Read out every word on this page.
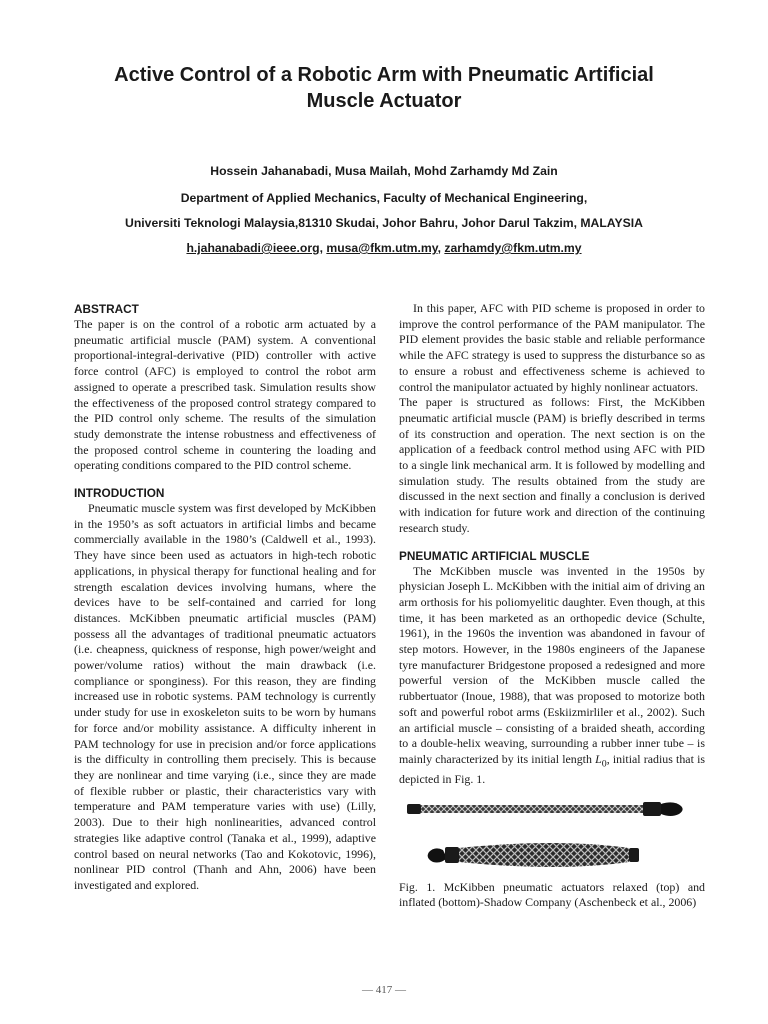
Active Control of a Robotic Arm with Pneumatic Artificial
Muscle Actuator
Hossein Jahanabadi, Musa Mailah, Mohd Zarhamdy Md Zain
Department of Applied Mechanics, Faculty of Mechanical Engineering,
Universiti Teknologi Malaysia,81310 Skudai, Johor Bahru, Johor Darul Takzim, MALAYSIA
h.jahanabadi@ieee.org, musa@fkm.utm.my, zarhamdy@fkm.utm.my
ABSTRACT

The paper is on the control of a robotic arm actuated by a pneumatic artificial muscle (PAM) system. A conventional proportional-integral-derivative (PID) controller with active force control (AFC) is employed to control the robot arm assigned to operate a prescribed task. Simulation results show the effectiveness of the proposed control strategy compared to the PID control only scheme. The results of the simulation study demonstrate the intense robustness and effectiveness of the proposed control scheme in countering the loading and operating conditions compared to the PID control scheme.

INTRODUCTION

Pneumatic muscle system was first developed by McKibben in the 1950’s as soft actuators in artificial limbs and became commercially available in the 1980’s (Caldwell et al., 1993). They have since been used as actuators in high-tech robotic applications, in physical therapy for functional healing and for strength escalation devices involving humans, where the devices have to be self-contained and carried for long distances. McKibben pneumatic artificial muscles (PAM) possess all the advantages of traditional pneumatic actuators (i.e. cheapness, quickness of response, high power/weight and power/volume ratios) without the main drawback (i.e. compliance or sponginess). For this reason, they are finding increased use in robotic systems. PAM technology is currently under study for use in exoskeleton suits to be worn by humans for force and/or mobility assistance. A difficulty inherent in PAM technology for use in precision and/or force applications is the difficulty in controlling them precisely. This is because they are nonlinear and time varying (i.e., since they are made of flexible rubber or plastic, their characteristics vary with temperature and PAM temperature varies with use) (Lilly, 2003). Due to their high nonlinearities, advanced control strategies like adaptive control (Tanaka et al., 1999), adaptive control based on neural networks (Tao and Kokotovic, 1996), nonlinear PID control (Thanh and Ahn, 2006) have been investigated and explored.

In this paper, AFC with PID scheme is proposed in order to improve the control performance of the PAM manipulator. The PID element provides the basic stable and reliable performance while the AFC strategy is used to suppress the disturbance so as to ensure a robust and effectiveness scheme is achieved to control the manipulator actuated by highly nonlinear actuators.

The paper is structured as follows: First, the McKibben pneumatic artificial muscle (PAM) is briefly described in terms of its construction and operation. The next section is on the application of a feedback control method using AFC with PID to a single link mechanical arm. It is followed by modelling and simulation study. The results obtained from the study are discussed in the next section and finally a conclusion is derived with indication for future work and direction of the continuing research study.

PNEUMATIC ARTIFICIAL MUSCLE

The McKibben muscle was invented in the 1950s by physician Joseph L. McKibben with the initial aim of driving an arm orthosis for his poliomyelitic daughter. Even though, at this time, it has been marketed as an orthopedic device (Schulte, 1961), in the 1960s the invention was abandoned in favour of step motors. However, in the 1980s engineers of the Japanese tyre manufacturer Bridgestone proposed a redesigned and more powerful version of the McKibben muscle called the rubbertuator (Inoue, 1988), that was proposed to motorize both soft and powerful robot arms (Eskiizmirliler et al., 2002). Such an artificial muscle – consisting of a braided sheath, according to a double-helix weaving, surrounding a rubber inner tube – is mainly characterized by its initial length $L_0$, initial radius that is depicted in Fig. 1.

Fig. 1. McKibben pneumatic actuators relaxed (top) and inflated (bottom)-Shadow Company (Aschenbeck et al., 2006)

— 417 —
